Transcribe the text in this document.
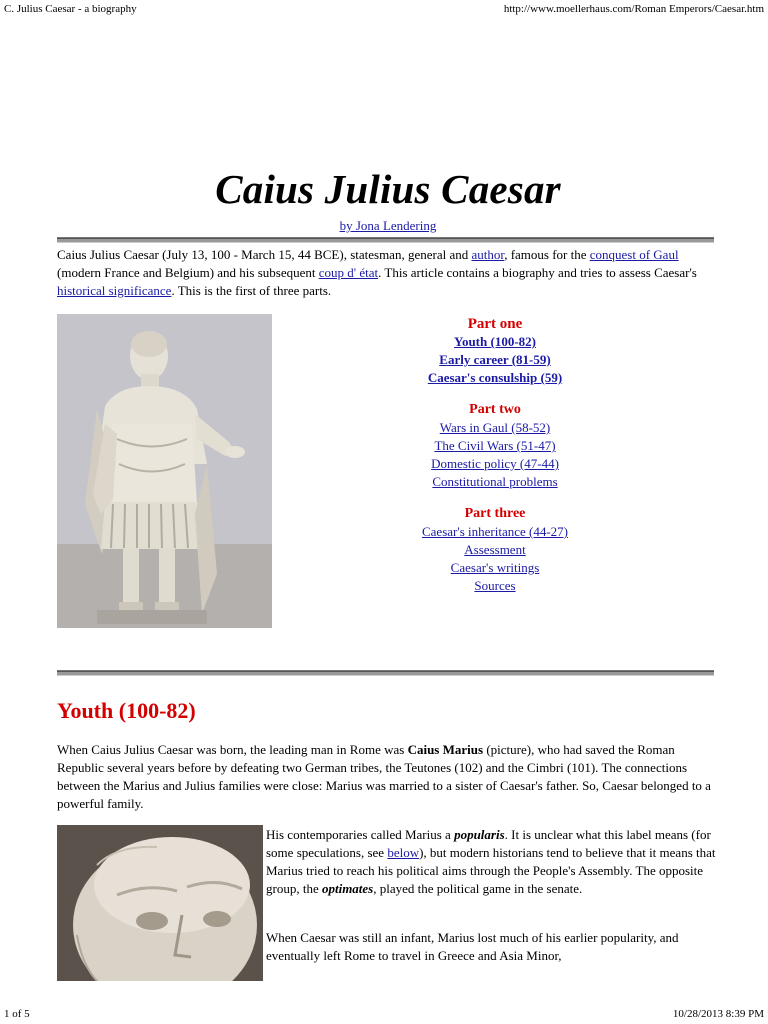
C. Julius Caesar - a biography	http://www.moellerhaus.com/Roman Emperors/Caesar.htm
Caius Julius Caesar
by Jona Lendering
Caius Julius Caesar (July 13, 100 - March 15, 44 BCE), statesman, general and author, famous for the conquest of Gaul (modern France and Belgium) and his subsequent coup d' état. This article contains a biography and tries to assess Caesar's historical significance. This is the first of three parts.
Part one
Youth (100-82)
Early career (81-59)
Caesar's consulship (59)
Part two
Wars in Gaul (58-52)
The Civil Wars (51-47)
Domestic policy (47-44)
Constitutional problems
Part three
Caesar's inheritance (44-27)
Assessment
Caesar's writings
Sources
Youth (100-82)
When Caius Julius Caesar was born, the leading man in Rome was Caius Marius (picture), who had saved the Roman Republic several years before by defeating two German tribes, the Teutones (102) and the Cimbri (101). The connections between the Marius and Julius families were close: Marius was married to a sister of Caesar's father. So, Caesar belonged to a powerful family.
His contemporaries called Marius a popularis. It is unclear what this label means (for some speculations, see below), but modern historians tend to believe that it means that Marius tried to reach his political aims through the People's Assembly. The opposite group, the optimates, played the political game in the senate.
When Caesar was still an infant, Marius lost much of his earlier popularity, and eventually left Rome to travel in Greece and Asia Minor,
1 of 5	10/28/2013 8:39 PM
